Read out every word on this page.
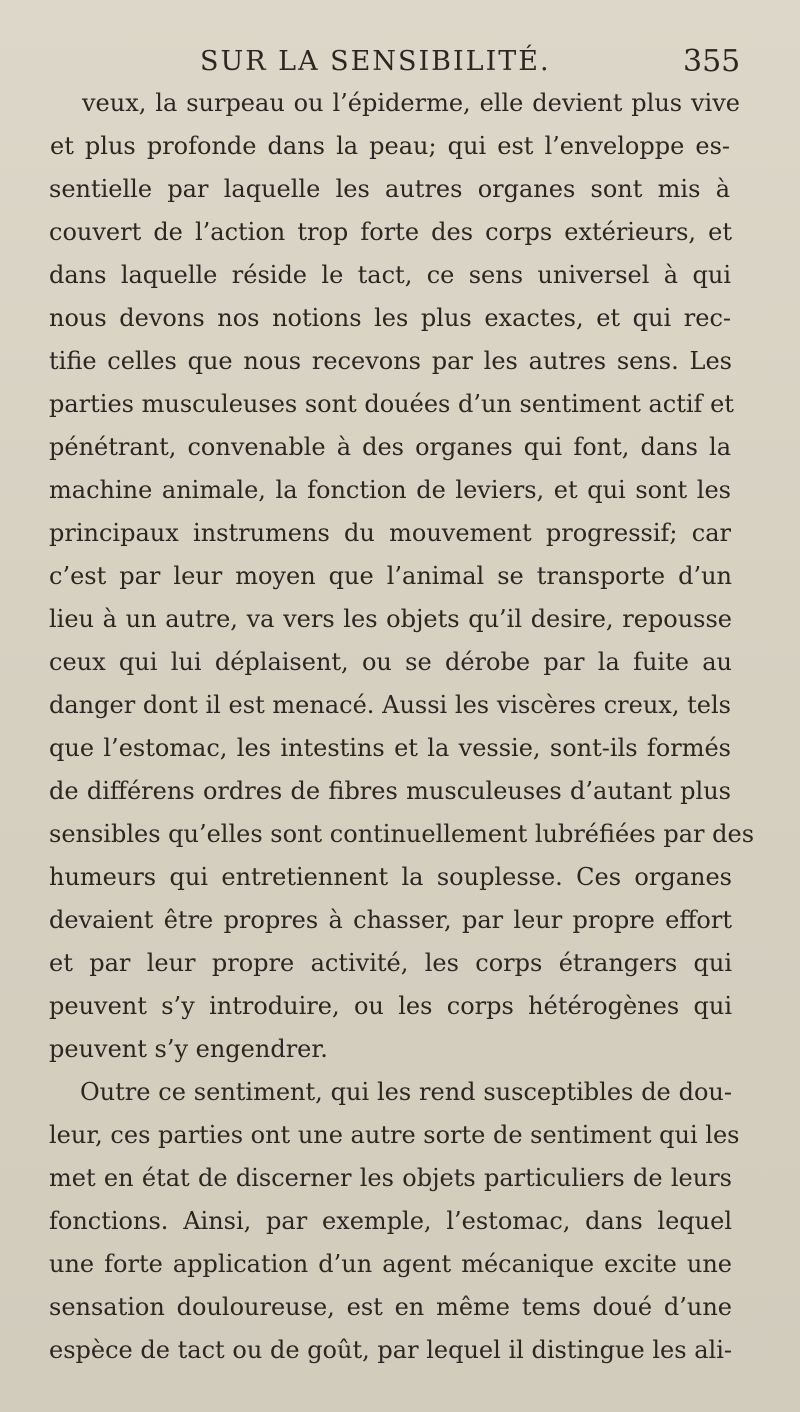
SUR LA SENSIBILITÉ.	355
veux, la surpeau ou l’épiderme, elle devient plus vive
et plus profonde dans la peau; qui est l’enveloppe es-
sentielle par laquelle les autres organes sont mis à
couvert de l’action trop forte des corps extérieurs, et
dans laquelle réside le tact, ce sens universel à qui
nous devons nos notions les plus exactes, et qui rec-
tifie celles que nous recevons par les autres sens. Les
parties musculeuses sont douées d’un sentiment actif et
pénétrant, convenable à des organes qui font, dans la
machine animale, la fonction de leviers, et qui sont les
principaux instrumens du mouvement progressif; car
c’est par leur moyen que l’animal se transporte d’un
lieu à un autre, va vers les objets qu’il desire, repousse
ceux qui lui déplaisent, ou se dérobe par la fuite au
danger dont il est menacé. Aussi les viscères creux, tels
que l’estomac, les intestins et la vessie, sont-ils formés
de différens ordres de fibres musculeuses d’autant plus
sensibles qu’elles sont continuellement lubréfiées par des
humeurs qui entretiennent la souplesse. Ces organes
devaient être propres à chasser, par leur propre effort
et par leur propre activité, les corps étrangers qui
peuvent s’y introduire, ou les corps hétérogènes qui
peuvent s’y engendrer.
Outre ce sentiment, qui les rend susceptibles de dou-
leur, ces parties ont une autre sorte de sentiment qui les
met en état de discerner les objets particuliers de leurs
fonctions. Ainsi, par exemple, l’estomac, dans lequel
une forte application d’un agent mécanique excite une
sensation douloureuse, est en même tems doué d’une
espèce de tact ou de goût, par lequel il distingue les ali-
